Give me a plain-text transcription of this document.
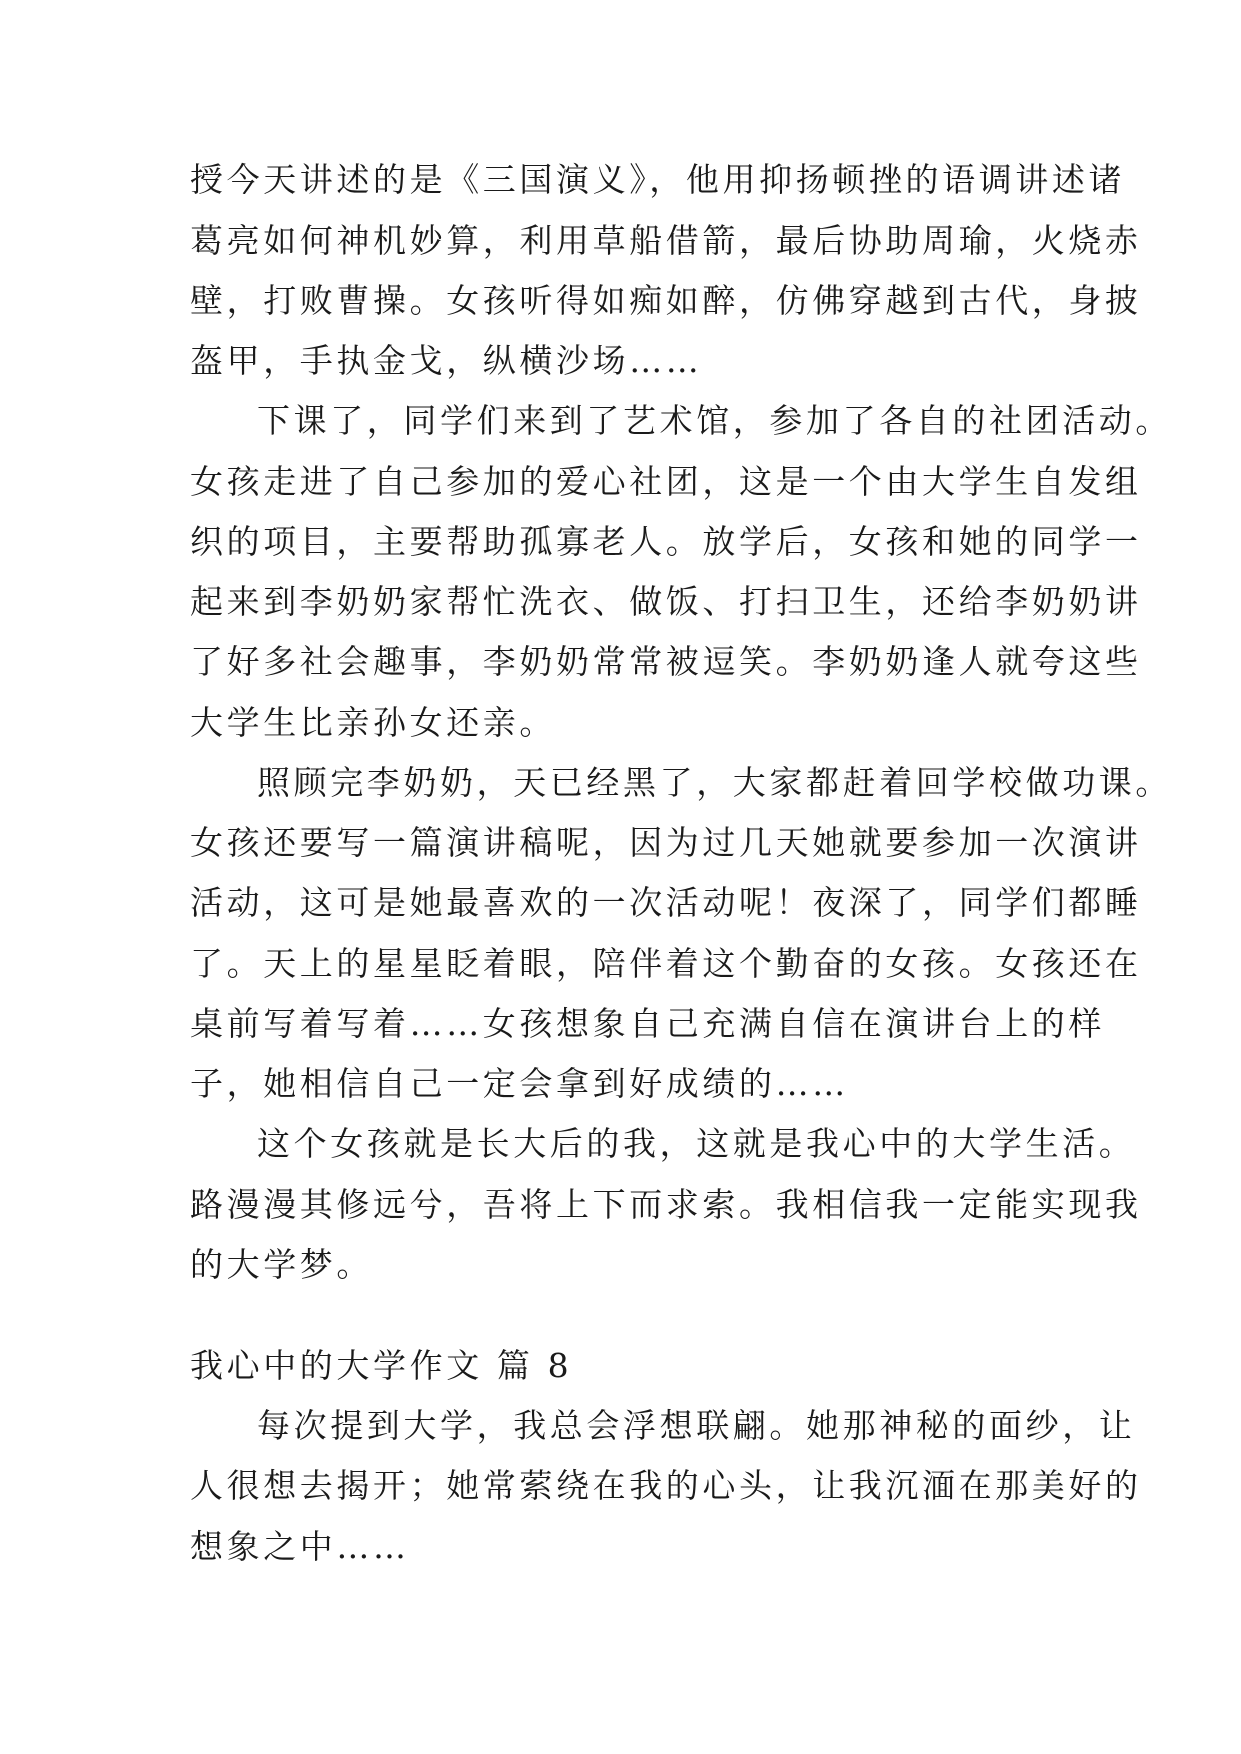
授今天讲述的是《三国演义》，他用抑扬顿挫的语调讲述诸
葛亮如何神机妙算，利用草船借箭，最后协助周瑜，火烧赤
壁，打败曹操。女孩听得如痴如醉，仿佛穿越到古代，身披
盔甲，手执金戈，纵横沙场……
下课了，同学们来到了艺术馆，参加了各自的社团活动。
女孩走进了自己参加的爱心社团，这是一个由大学生自发组
织的项目，主要帮助孤寡老人。放学后，女孩和她的同学一
起来到李奶奶家帮忙洗衣、做饭、打扫卫生，还给李奶奶讲
了好多社会趣事，李奶奶常常被逗笑。李奶奶逢人就夸这些
大学生比亲孙女还亲。
照顾完李奶奶，天已经黑了，大家都赶着回学校做功课。
女孩还要写一篇演讲稿呢，因为过几天她就要参加一次演讲
活动，这可是她最喜欢的一次活动呢！夜深了，同学们都睡
了。天上的星星眨着眼，陪伴着这个勤奋的女孩。女孩还在
桌前写着写着……女孩想象自己充满自信在演讲台上的样
子，她相信自己一定会拿到好成绩的……
这个女孩就是长大后的我，这就是我心中的大学生活。
路漫漫其修远兮，吾将上下而求索。我相信我一定能实现我
的大学梦。
我心中的大学作文 篇 8
每次提到大学，我总会浮想联翩。她那神秘的面纱，让
人很想去揭开；她常萦绕在我的心头，让我沉湎在那美好的
想象之中……
